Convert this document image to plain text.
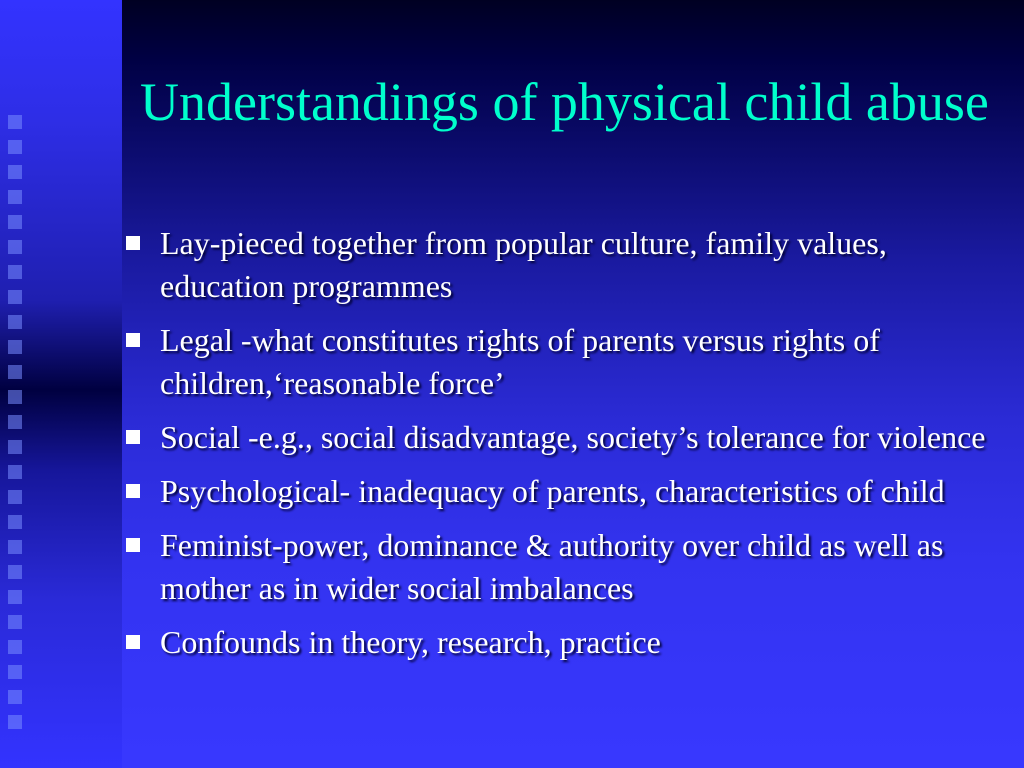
Understandings of physical child abuse
Lay-pieced together from popular culture, family values, education programmes
Legal -what constitutes rights of parents versus rights of children,‘reasonable force’
Social -e.g., social disadvantage, society’s tolerance for violence
Psychological- inadequacy of parents, characteristics of child
Feminist-power, dominance & authority over child as well as mother as in wider social imbalances
Confounds in theory, research, practice
